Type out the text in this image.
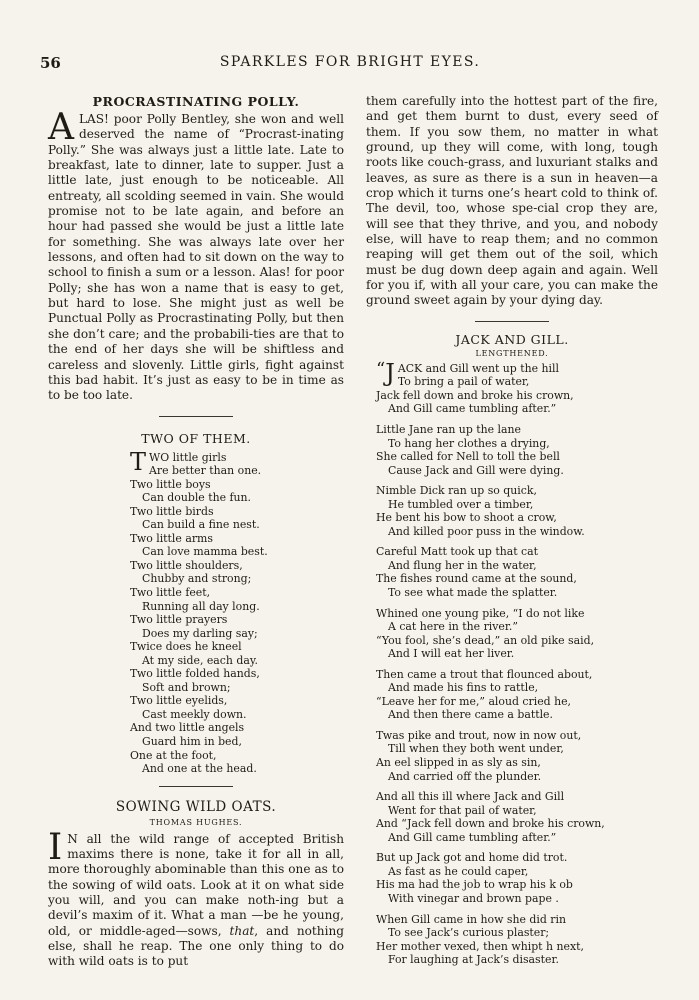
56	SPARKLES FOR BRIGHT EYES.
PROCRASTINATING POLLY.

ALAS! poor Polly Bentley, she won and well deserved the name of “Procrast-inating Polly.” She was always just a little late. Late to breakfast, late to dinner, late to supper. Just a little late, just enough to be noticeable. All entreaty, all scolding seemed in vain. She would promise not to be late again, and before an hour had passed she would be just a little late for something. She was always late over her lessons, and often had to sit down on the way to school to finish a sum or a lesson. Alas! for poor Polly; she has won a name that is easy to get, but hard to lose. She might just as well be Punctual Polly as Procrastinating Polly, but then she don’t care; and the probabili-ties are that to the end of her days she will be shiftless and careless and slovenly. Little girls, fight against this bad habit. It’s just as easy to be in time as to be too late.

TWO OF THEM.
TWO little girls
Are better than one.
Two little boys
Can double the fun.
Two little birds
Can build a fine nest.
Two little arms
Can love mamma best.
Two little shoulders,
Chubby and strong;
Two little feet,
Running all day long.
Two little prayers
Does my darling say;
Twice does he kneel
At my side, each day.
Two little folded hands,
Soft and brown;
Two little eyelids,
Cast meekly down.
And two little angels
Guard him in bed,
One at the foot,
And one at the head.
SOWING WILD OATS.

THOMAS HUGHES.

I N all the wild range of accepted British maxims there is none, take it for all in all, more thoroughly abominable than this one as to the sowing of wild oats. Look at it on what side you will, and you can make noth-ing but a devil’s maxim of it. What a man —be he young, old, or middle-aged—sows, that, and nothing else, shall he reap. The one only thing to do with wild oats is to put

them carefully into the hottest part of the fire, and get them burnt to dust, every seed of them. If you sow them, no matter in what ground, up they will come, with long, tough roots like couch-grass, and luxuriant stalks and leaves, as sure as there is a sun in heaven—a crop which it turns one’s heart cold to think of. The devil, too, whose spe-cial crop they are, will see that they thrive, and you, and nobody else, will have to reap them; and no common reaping will get them out of the soil, which must be dug down deep again and again. Well for you if, with all your care, you can make the ground sweet again by your dying day.

JACK AND GILL.

LENGTHENED.

“ J ACK and Gill went up the hill
To bring a pail of water,
Jack fell down and broke his crown,
And Gill came tumbling after.”
Little Jane ran up the lane
To hang her clothes a drying,
She called for Nell to toll the bell
Cause Jack and Gill were dying.
Nimble Dick ran up so quick,
He tumbled over a timber,
He bent his bow to shoot a crow,
And killed poor puss in the window.
Careful Matt took up that cat
And flung her in the water,
The fishes round came at the sound,
To see what made the splatter.
Whined one young pike, “I do not like
A cat here in the river.”
“You fool, she’s dead,” an old pike said,
And I will eat her liver.
Then came a trout that flounced about,
And made his fins to rattle,
“Leave her for me,” aloud cried he,
And then there came a battle.
Twas pike and trout, now in now out,
Till when they both went under,
An eel slipped in as sly as sin,
And carried off the plunder.
And all this ill where Jack and Gill
Went for that pail of water,
And “Jack fell down and broke his crown,
And Gill came tumbling after.”
But up Jack got and home did trot.
As fast as he could caper,
His ma had the job to wrap his k ob
With vinegar and brown pape .
When Gill came in how she did rin
To see Jack’s curious plaster;
Her mother vexed, then whipt h next,
For laughing at Jack’s disaster.
